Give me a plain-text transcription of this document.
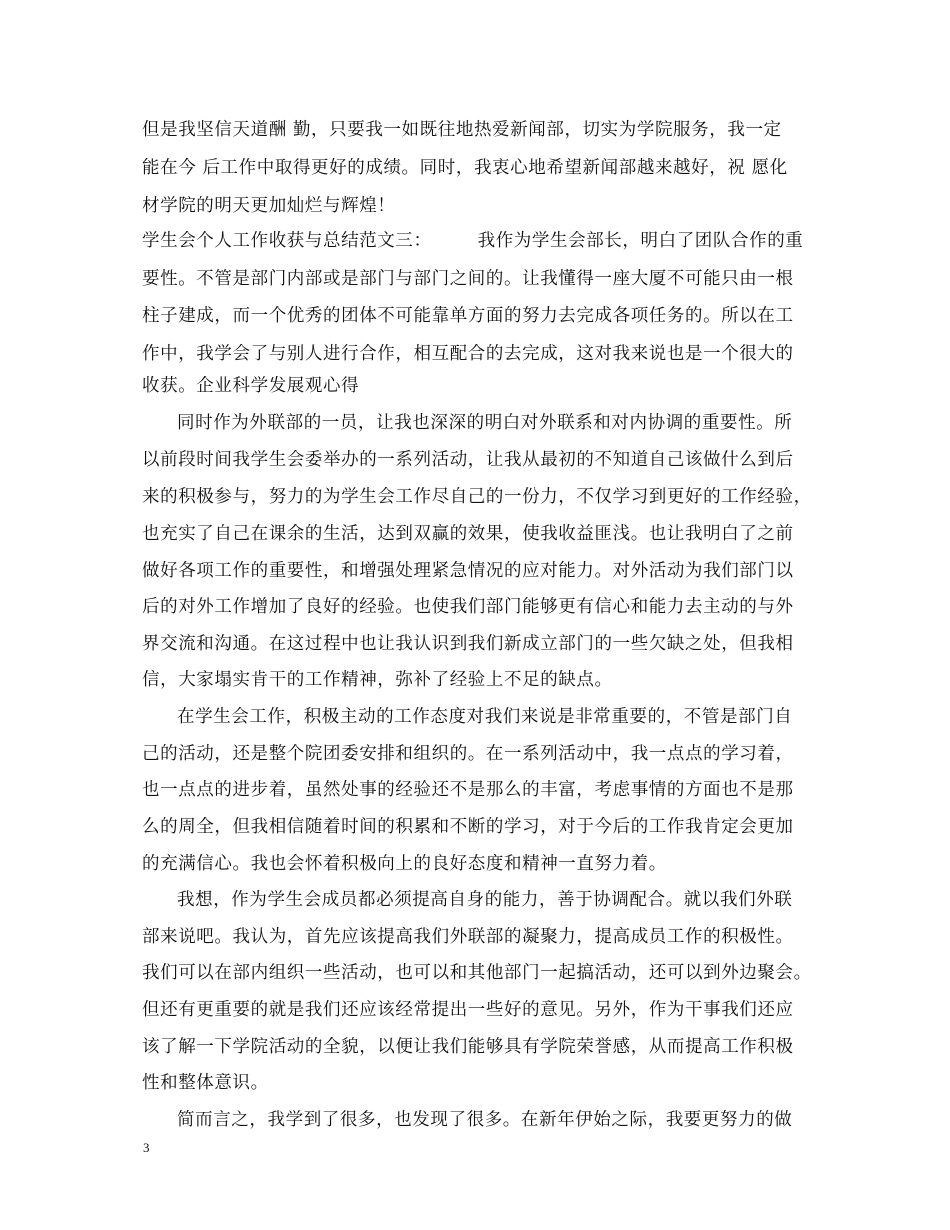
但是我坚信天道酬 勤，只要我一如既往地热爱新闻部，切实为学院服务，我一定
能在今 后工作中取得更好的成绩。同时，我衷心地希望新闻部越来越好，祝 愿化
材学院的明天更加灿烂与辉煌！
学生会个人工作收获与总结范文三：	我作为学生会部长，明白了团队合作的重
要性。不管是部门内部或是部门与部门之间的。让我懂得一座大厦不可能只由一根
柱子建成，而一个优秀的团体不可能靠单方面的努力去完成各项任务的。所以在工
作中，我学会了与别人进行合作，相互配合的去完成，这对我来说也是一个很大的
收获。企业科学发展观心得
同时作为外联部的一员，让我也深深的明白对外联系和对内协调的重要性。所
以前段时间我学生会委举办的一系列活动，让我从最初的不知道自己该做什么到后
来的积极参与，努力的为学生会工作尽自己的一份力，不仅学习到更好的工作经验，
也充实了自己在课余的生活，达到双赢的效果，使我收益匪浅。也让我明白了之前
做好各项工作的重要性，和增强处理紧急情况的应对能力。对外活动为我们部门以
后的对外工作增加了良好的经验。也使我们部门能够更有信心和能力去主动的与外
界交流和沟通。在这过程中也让我认识到我们新成立部门的一些欠缺之处，但我相
信，大家塌实肯干的工作精神，弥补了经验上不足的缺点。
在学生会工作，积极主动的工作态度对我们来说是非常重要的，不管是部门自
己的活动，还是整个院团委安排和组织的。在一系列活动中，我一点点的学习着，
也一点点的进步着，虽然处事的经验还不是那么的丰富，考虑事情的方面也不是那
么的周全，但我相信随着时间的积累和不断的学习，对于今后的工作我肯定会更加
的充满信心。我也会怀着积极向上的良好态度和精神一直努力着。
我想，作为学生会成员都必须提高自身的能力，善于协调配合。就以我们外联
部来说吧。我认为，首先应该提高我们外联部的凝聚力，提高成员工作的积极性。
我们可以在部内组织一些活动，也可以和其他部门一起搞活动，还可以到外边聚会。
但还有更重要的就是我们还应该经常提出一些好的意见。另外，作为干事我们还应
该了解一下学院活动的全貌，以便让我们能够具有学院荣誉感，从而提高工作积极
性和整体意识。
简而言之，我学到了很多，也发现了很多。在新年伊始之际，我要更努力的做
3
